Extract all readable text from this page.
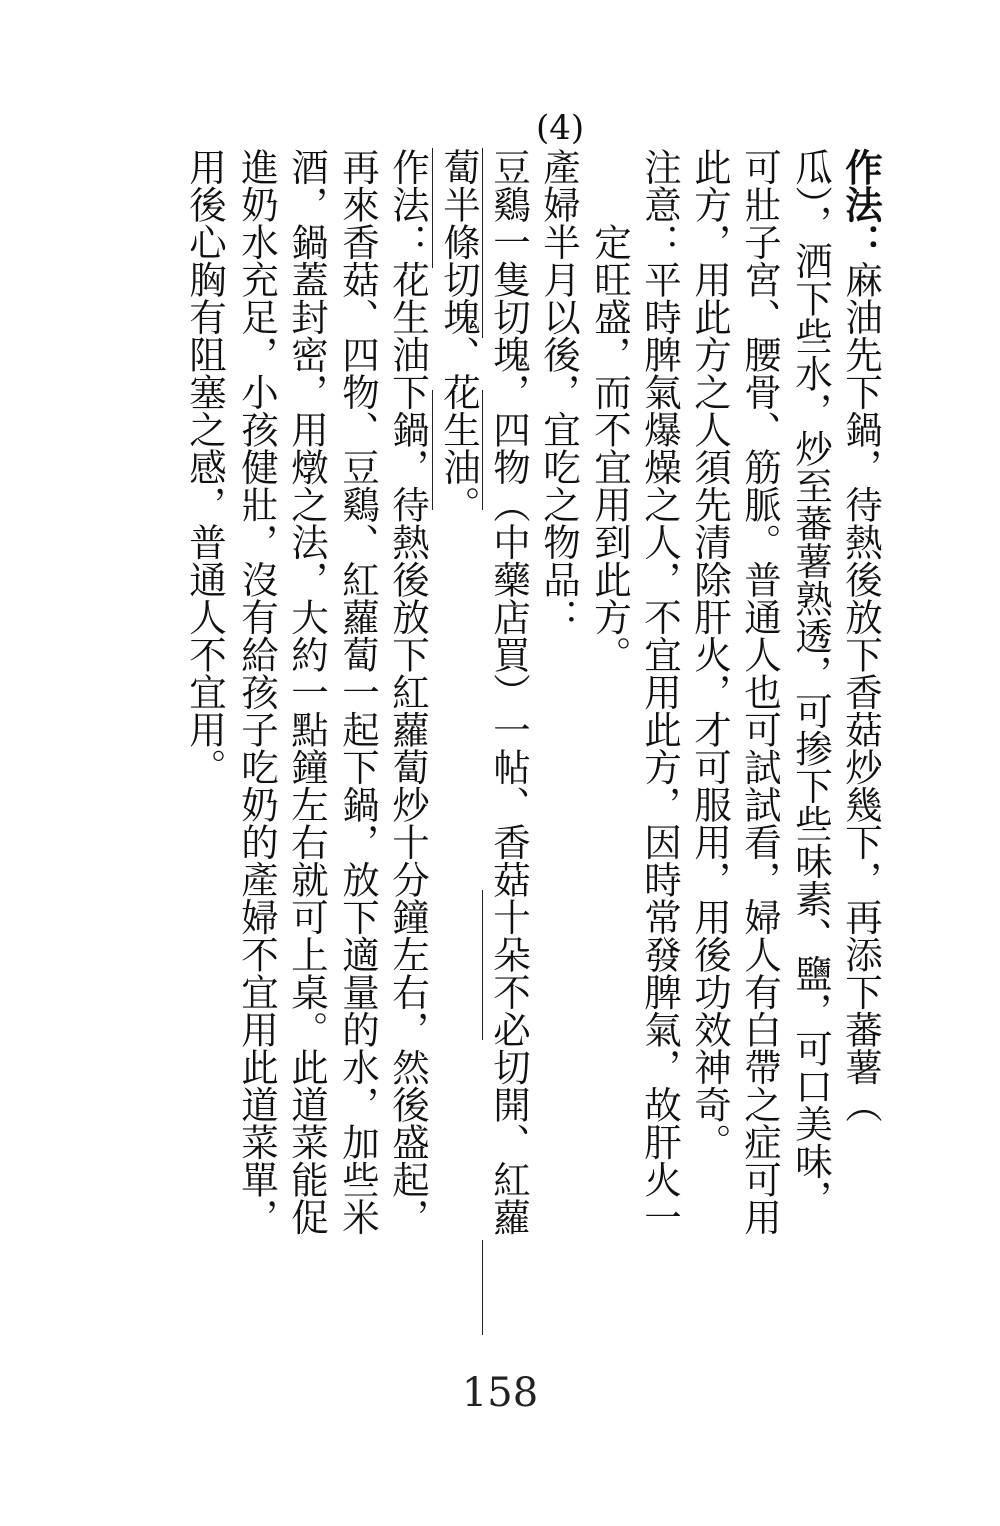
(4)
作法：麻油先下鍋，待熱後放下香菇炒幾下，再添下蕃薯（
瓜），洒下些水，炒至蕃薯熟透，可掺下些味素、鹽，可口美味，
可壯子宮、腰骨、筋脈。普通人也可試試看，婦人有白帶之症可用
此方，用此方之人須先清除肝火，才可服用，用後功效神奇。
注意：平時脾氣爆燥之人，不宜用此方，因時常發脾氣，故肝火一
　　定旺盛，而不宜用到此方。
產婦半月以後，宜吃之物品：
豆鷄一隻切塊，四物（中藥店買）一帖、香菇十朵不必切開、紅蘿
蔔半條切塊、花生油。
作法：花生油下鍋，待熱後放下紅蘿蔔炒十分鐘左右，然後盛起，
再來香菇、四物、豆鷄、紅蘿蔔一起下鍋，放下適量的水，加些米
酒，鍋蓋封密，用燉之法，大約一點鐘左右就可上桌。此道菜能促
進奶水充足，小孩健壯，沒有給孩子吃奶的產婦不宜用此道菜單，
用後心胸有阻塞之感，普通人不宜用。
158
